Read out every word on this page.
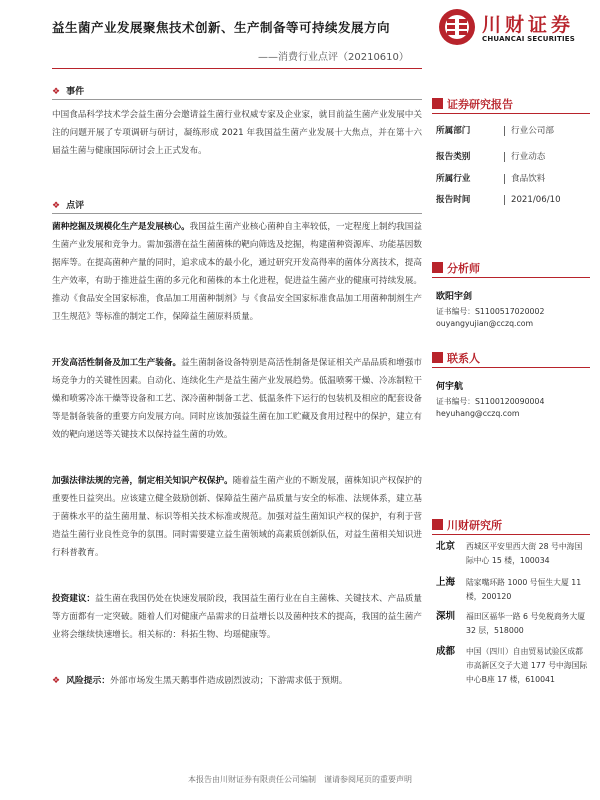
益生菌产业发展聚焦技术创新、生产制备等可持续发展方向
——消费行业点评（20210610）
川财证券
CHUANCAI SECURITIES
❖ 事件
中国食品科学技术学会益生菌分会邀请益生菌行业权威专家及企业家，就目前益生菌产业发展中关注的问题开展了专项调研与研讨，凝练形成 2021 年我国益生菌产业发展十大焦点，并在第十六届益生菌与健康国际研讨会上正式发布。
❖ 点评
菌种挖掘及规模化生产是发展核心。我国益生菌产业核心菌种自主率较低，一定程度上制约我国益生菌产业发展和竞争力。需加强潜在益生菌菌株的靶向筛选及挖掘，构建菌种资源库、功能基因数据库等。在提高菌种产量的同时，追求成本的最小化，通过研究开发高得率的菌体分离技术，提高生产效率，有助于推进益生菌的多元化和菌株的本土化进程，促进益生菌产业的健康可持续发展。推动《食品安全国家标准，食品加工用菌种制剂》与《食品安全国家标准食品加工用菌种制剂生产卫生规范》等标准的制定工作，保障益生菌原料质量。
开发高活性制备及加工生产装备。益生菌制备设备特别是高活性制备是保证相关产品品质和增强市场竞争力的关键性因素。自动化、连续化生产是益生菌产业发展趋势。低温喷雾干燥、冷冻制粒干燥和喷雾冷冻干燥等设备和工艺、深冷菌种制备工艺、低温条件下运行的包装机及相应的配套设备等是制备装备的重要方向发展方向。同时应该加强益生菌在加工贮藏及食用过程中的保护，建立有效的靶向递送等关键技术以保持益生菌的功效。
加强法律法规的完善，制定相关知识产权保护。随着益生菌产业的不断发展，菌株知识产权保护的重要性日益突出。应该建立健全鼓励创新、保障益生菌产品质量与安全的标准、法规体系，建立基于菌株水平的益生菌用量、标识等相关技术标准或规范。加强对益生菌知识产权的保护，有利于营造益生菌行业良性竞争的氛围。同时需要建立益生菌领域的高素质创新队伍，对益生菌相关知识进行科普教育。
投资建议：益生菌在我国仍处在快速发展阶段，我国益生菌行业在自主菌株、关键技术、产品质量等方面都有一定突破。随着人们对健康产品需求的日益增长以及菌种技术的提高，我国的益生菌产业将会继续快速增长。相关标的：科拓生物、均瑶健康等。
❖ 风险提示：外部市场发生黑天鹅事件造成剧烈波动；下游需求低于预期。
证券研究报告
所属部门	行业公司部
报告类别	行业动态
所属行业	食品饮料
报告时间	2021/06/10
分析师
欧阳宇剑
证书编号：S1100517020002
ouyangyujian@cczq.com
联系人
何宇航
证书编号：S1100120090004
heyuhang@cczq.com
川财研究所
北京 西城区平安里西大街 28 号中海国际中心 15 楼，100034
上海 陆家嘴环路 1000 号恒生大厦 11 楼，200120
深圳 福田区福华一路 6 号免税商务大厦 32 层，518000
成都 中国（四川）自由贸易试验区成都市高新区交子大道 177 号中海国际中心B座 17 楼，610041
本报告由川财证券有限责任公司编制　谨请参阅尾页的重要声明
